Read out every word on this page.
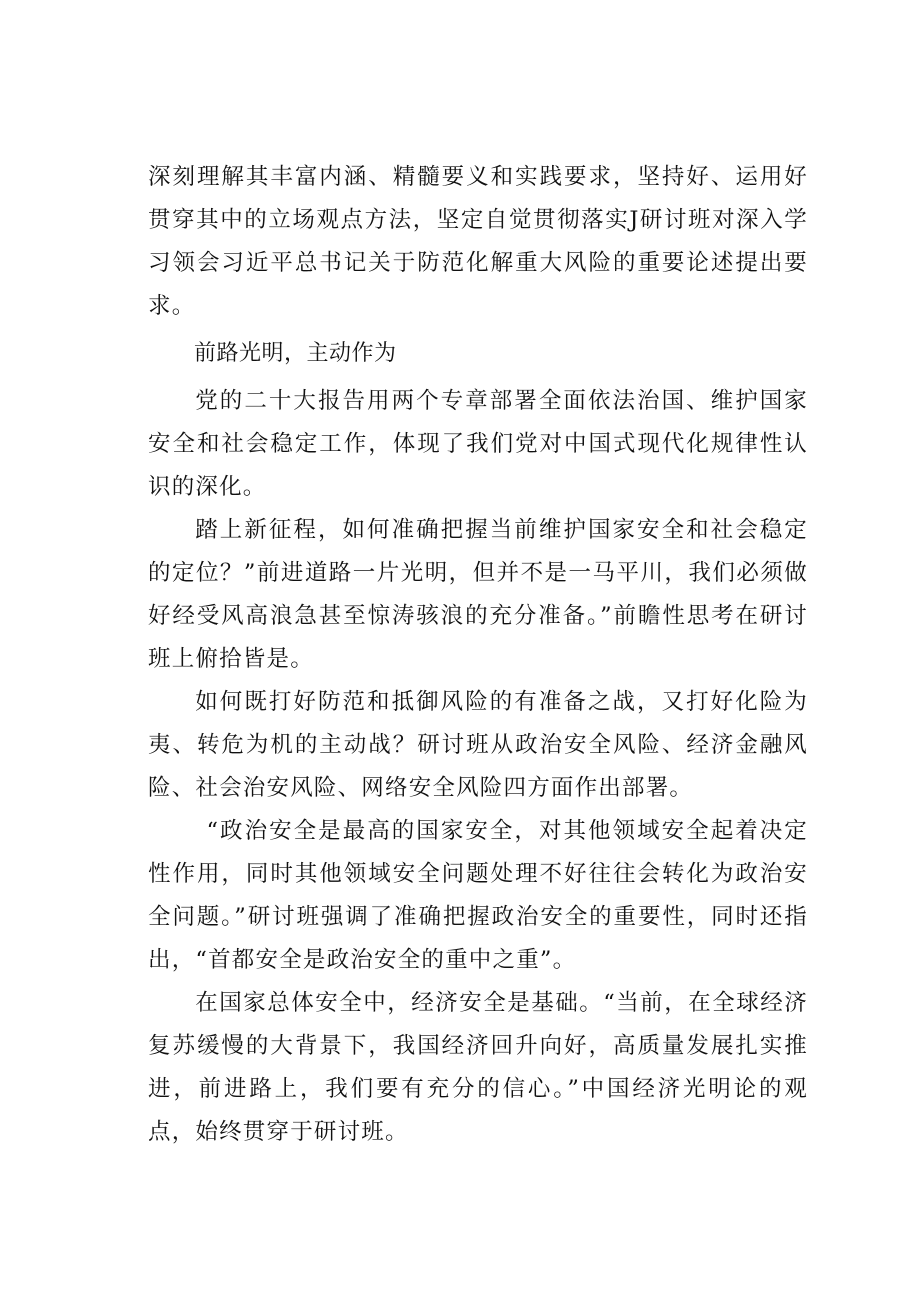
深刻理解其丰富内涵、精髓要义和实践要求，坚持好、运用好贯穿其中的立场观点方法，坚定自觉贯彻落实J研讨班对深入学习领会习近平总书记关于防范化解重大风险的重要论述提出要求。

前路光明，主动作为

党的二十大报告用两个专章部署全面依法治国、维护国家安全和社会稳定工作，体现了我们党对中国式现代化规律性认识的深化。

踏上新征程，如何准确把握当前维护国家安全和社会稳定的定位？”前进道路一片光明，但并不是一马平川，我们必须做好经受风高浪急甚至惊涛骇浪的充分准备。”前瞻性思考在研讨班上俯拾皆是。

如何既打好防范和抵御风险的有准备之战，又打好化险为夷、转危为机的主动战？研讨班从政治安全风险、经济金融风险、社会治安风险、网络安全风险四方面作出部署。

“政治安全是最高的国家安全，对其他领域安全起着决定性作用，同时其他领域安全问题处理不好往往会转化为政治安全问题。”研讨班强调了准确把握政治安全的重要性，同时还指出，“首都安全是政治安全的重中之重”。

在国家总体安全中，经济安全是基础。“当前，在全球经济复苏缓慢的大背景下，我国经济回升向好，高质量发展扎实推进，前进路上，我们要有充分的信心。”中国经济光明论的观点，始终贯穿于研讨班。
